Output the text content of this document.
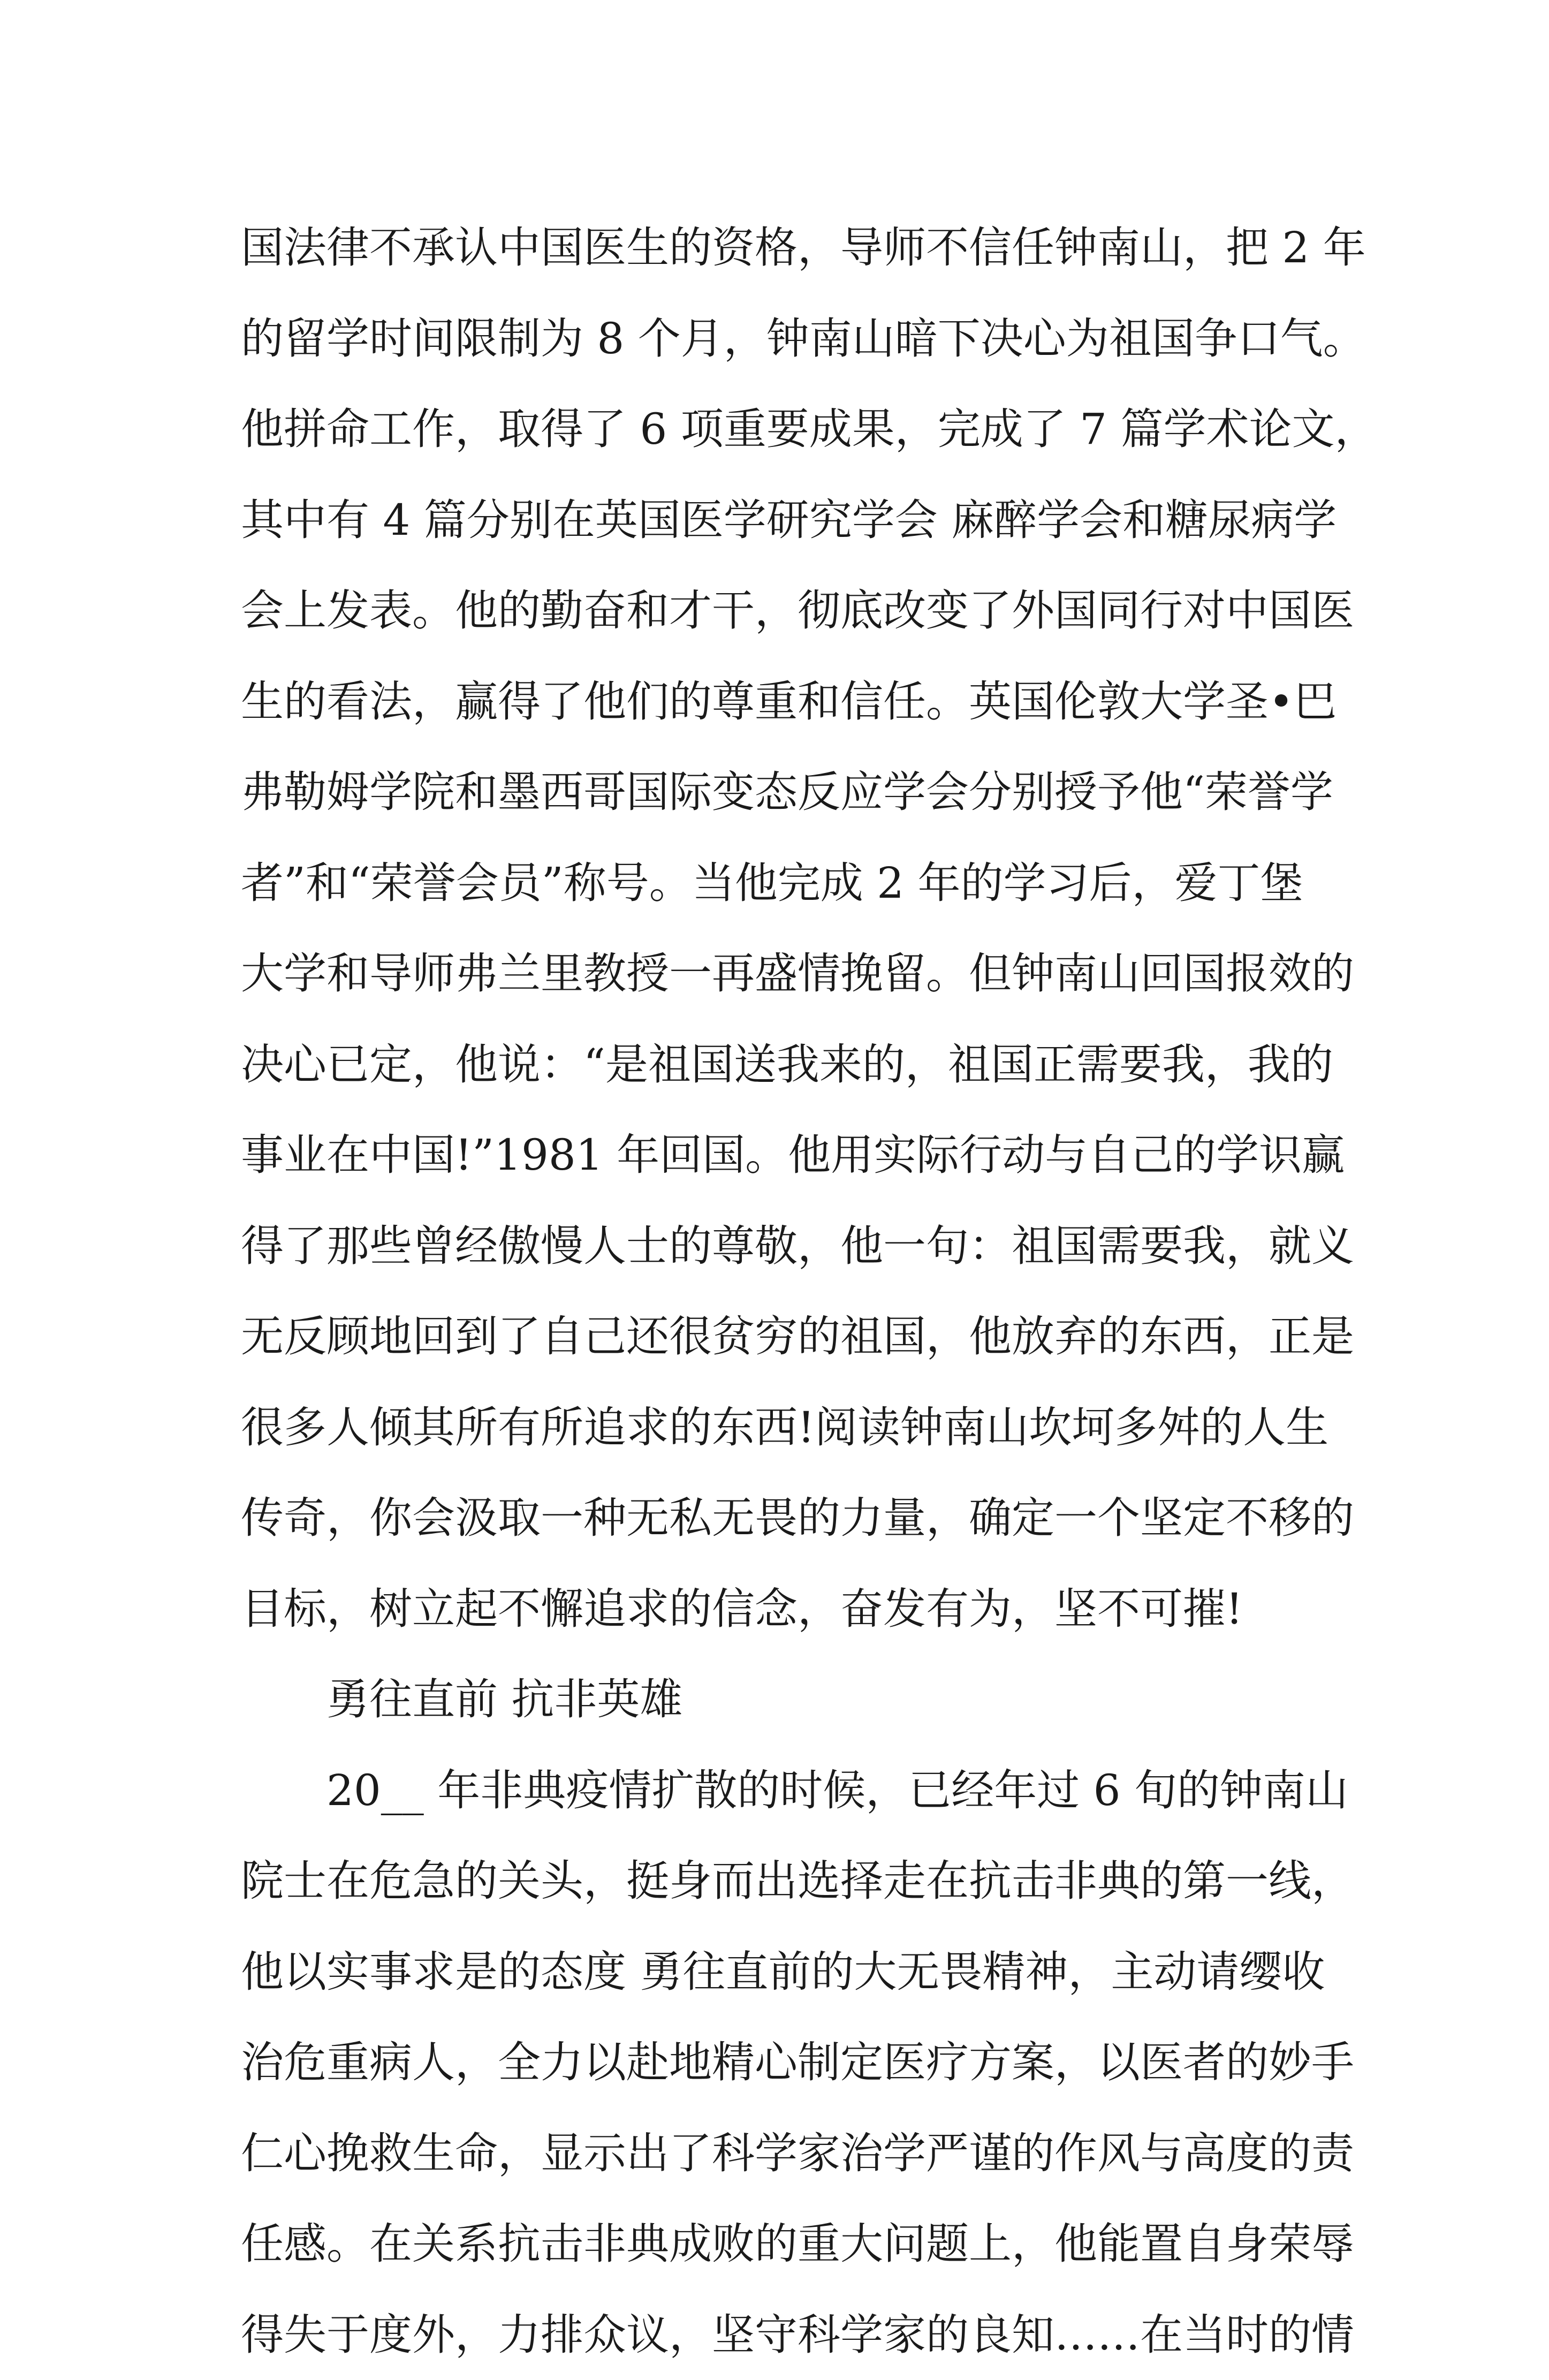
国法律不承认中国医生的资格，导师不信任钟南山，把 2 年
的留学时间限制为 8 个月，钟南山暗下决心为祖国争口气。
他拼命工作，取得了 6 项重要成果，完成了 7 篇学术论文，
其中有 4 篇分别在英国医学研究学会 麻醉学会和糖尿病学
会上发表。他的勤奋和才干，彻底改变了外国同行对中国医
生的看法，赢得了他们的尊重和信任。英国伦敦大学圣•巴
弗勒姆学院和墨西哥国际变态反应学会分别授予他“荣誉学
者”和“荣誉会员”称号。当他完成 2 年的学习后，爱丁堡
大学和导师弗兰里教授一再盛情挽留。但钟南山回国报效的
决心已定，他说：“是祖国送我来的，祖国正需要我，我的
事业在中国!”1981 年回国。他用实际行动与自己的学识赢
得了那些曾经傲慢人士的尊敬，他一句：祖国需要我，就义
无反顾地回到了自己还很贫穷的祖国，他放弃的东西，正是
很多人倾其所有所追求的东西!阅读钟南山坎坷多舛的人生
传奇，你会汲取一种无私无畏的力量，确定一个坚定不移的
目标，树立起不懈追求的信念，奋发有为，坚不可摧!
勇往直前 抗非英雄
20__ 年非典疫情扩散的时候，已经年过 6 旬的钟南山
院士在危急的关头，挺身而出选择走在抗击非典的第一线，
他以实事求是的态度 勇往直前的大无畏精神，主动请缨收
治危重病人，全力以赴地精心制定医疗方案，以医者的妙手
仁心挽救生命，显示出了科学家治学严谨的作风与高度的责
任感。在关系抗击非典成败的重大问题上，他能置自身荣辱
得失于度外，力排众议，坚守科学家的良知……在当时的情
